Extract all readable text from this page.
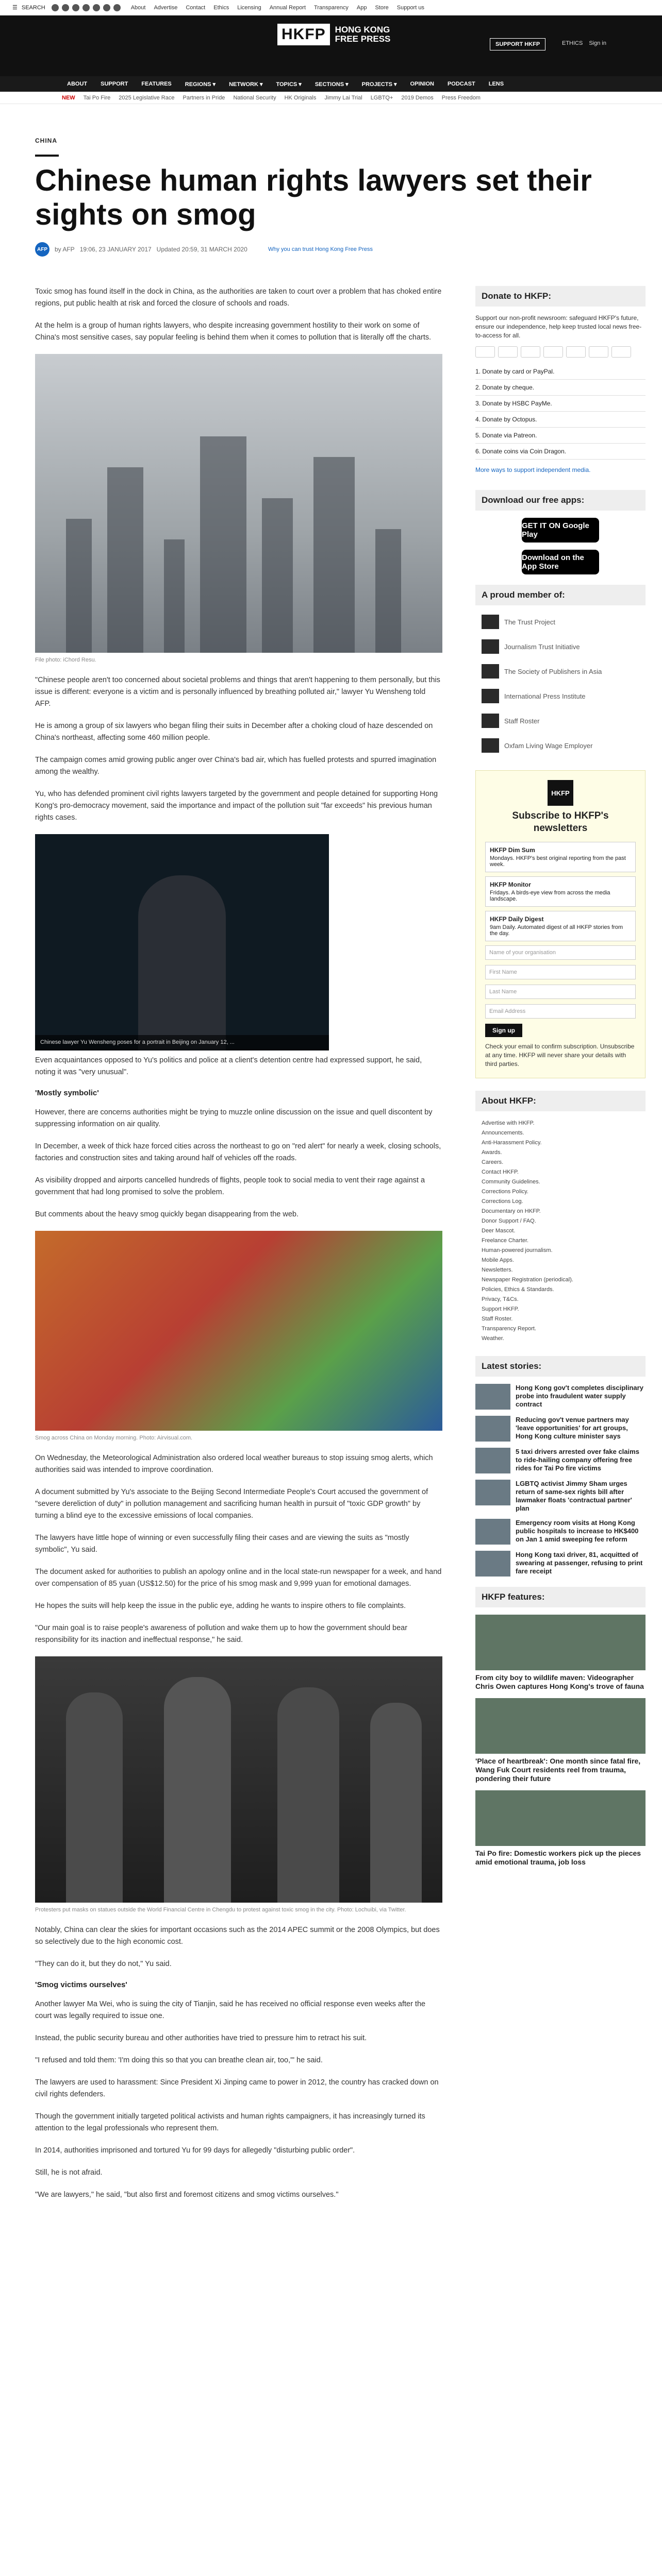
☰ SEARCH	About Advertise Contact Ethics Licensing Annual Report Transparency App Store Support us
HKFP	HONG KONG
FREE PRESS
SUPPORT HKFP	ETHICS Sign in
ABOUT SUPPORT FEATURES REGIONS ▾ NETWORK ▾ TOPICS ▾ SECTIONS ▾ PROJECTS ▾ OPINION PODCAST LENS
NEW Tai Po Fire 2025 Legislative Race Partners in Pride National Security HK Originals Jimmy Lai Trial LGBTQ+ 2019 Demos Press Freedom
CHINA
Chinese human rights lawyers set their sights on smog
AFP	by AFP 19:06, 23 JANUARY 2017 Updated 20:59, 31 MARCH 2020	Why you can trust Hong Kong Free Press

Toxic smog has found itself in the dock in China, as the authorities are taken to court over a problem that has choked entire regions, put public health at risk and forced the closure of schools and roads.

At the helm is a group of human rights lawyers, who despite increasing government hostility to their work on some of China's most sensitive cases, say popular feeling is behind them when it comes to pollution that is literally off the charts.

File photo: iChord Resu.

"Chinese people aren't too concerned about societal problems and things that aren't happening to them personally, but this issue is different: everyone is a victim and is personally influenced by breathing polluted air," lawyer Yu Wensheng told AFP.

He is among a group of six lawyers who began filing their suits in December after a choking cloud of haze descended on China's northeast, affecting some 460 million people.

The campaign comes amid growing public anger over China's bad air, which has fuelled protests and spurred imagination among the wealthy.

Yu, who has defended prominent civil rights lawyers targeted by the government and people detained for supporting Hong Kong's pro-democracy movement, said the importance and impact of the pollution suit "far exceeds" his previous human rights cases.

Chinese lawyer Yu Wensheng poses for a portrait in Beijing on January 12, ...

Even acquaintances opposed to Yu's politics and police at a client's detention centre had expressed support, he said, noting it was "very unusual".

'Mostly symbolic'

However, there are concerns authorities might be trying to muzzle online discussion on the issue and quell discontent by suppressing information on air quality.

In December, a week of thick haze forced cities across the northeast to go on "red alert" for nearly a week, closing schools, factories and construction sites and taking around half of vehicles off the roads.

As visibility dropped and airports cancelled hundreds of flights, people took to social media to vent their rage against a government that had long promised to solve the problem.

But comments about the heavy smog quickly began disappearing from the web.

Smog across China on Monday morning. Photo: Airvisual.com.

On Wednesday, the Meteorological Administration also ordered local weather bureaus to stop issuing smog alerts, which authorities said was intended to improve coordination.

A document submitted by Yu's associate to the Beijing Second Intermediate People's Court accused the government of "severe dereliction of duty" in pollution management and sacrificing human health in pursuit of "toxic GDP growth" by turning a blind eye to the excessive emissions of local companies.

The lawyers have little hope of winning or even successfully filing their cases and are viewing the suits as "mostly symbolic", Yu said.

The document asked for authorities to publish an apology online and in the local state-run newspaper for a week, and hand over compensation of 85 yuan (US$12.50) for the price of his smog mask and 9,999 yuan for emotional damages.

He hopes the suits will help keep the issue in the public eye, adding he wants to inspire others to file complaints.

"Our main goal is to raise people's awareness of pollution and wake them up to how the government should bear responsibility for its inaction and ineffectual response," he said.

Protesters put masks on statues outside the World Financial Centre in Chengdu to protest against toxic smog in the city. Photo: Lochuibi, via Twitter.

Notably, China can clear the skies for important occasions such as the 2014 APEC summit or the 2008 Olympics, but does so selectively due to the high economic cost.

"They can do it, but they do not," Yu said.

'Smog victims ourselves'

Another lawyer Ma Wei, who is suing the city of Tianjin, said he has received no official response even weeks after the court was legally required to issue one.

Instead, the public security bureau and other authorities have tried to pressure him to retract his suit.

"I refused and told them: 'I'm doing this so that you can breathe clean air, too,'" he said.

The lawyers are used to harassment: Since President Xi Jinping came to power in 2012, the country has cracked down on civil rights defenders.

Though the government initially targeted political activists and human rights campaigners, it has increasingly turned its attention to the legal professionals who represent them.

In 2014, authorities imprisoned and tortured Yu for 99 days for allegedly "disturbing public order".

Still, he is not afraid.

"We are lawyers," he said, "but also first and foremost citizens and smog victims ourselves."

Donate to HKFP:

Support our non-profit newsroom: safeguard HKFP's future, ensure our independence, help keep trusted local news free-to-access for all.

1. Donate by card or PayPal.
2. Donate by cheque.
3. Donate by HSBC PayMe.
4. Donate by Octopus.
5. Donate via Patreon.
6. Donate coins via Coin Dragon.

More ways to support independent media.

Download our free apps:
GET IT ON Google Play
Download on the App Store
A proud member of:
The Trust Project
Journalism Trust Initiative
The Society of Publishers in Asia
International Press Institute
Staff Roster
Oxfam Living Wage Employer
HKFP
Subscribe to HKFP's newsletters
HKFP Dim Sum
Mondays. HKFP's best original reporting from the past week.
HKFP Monitor
Fridays. A birds-eye view from across the media landscape.
HKFP Daily Digest
9am Daily. Automated digest of all HKFP stories from the day.
Name of your organisation
First Name
Last Name
Email Address
Sign up

Check your email to confirm subscription. Unsubscribe at any time. HKFP will never share your details with third parties.

About HKFP:
Advertise with HKFP.
Announcements.
Anti-Harassment Policy.
Awards.
Careers.
Contact HKFP.
Community Guidelines.
Corrections Policy.
Corrections Log.
Documentary on HKFP.
Donor Support / FAQ.
Deer Mascot.
Freelance Charter.
Human-powered journalism.
Mobile Apps.
Newsletters.
Newspaper Registration (periodical).
Policies, Ethics & Standards.
Privacy, T&Cs.
Support HKFP.
Staff Roster.
Transparency Report.
Weather.
Latest stories:
Hong Kong gov't completes disciplinary probe into fraudulent water supply contract
Reducing gov't venue partners may 'leave opportunities' for art groups, Hong Kong culture minister says
5 taxi drivers arrested over fake claims to ride-hailing company offering free rides for Tai Po fire victims
LGBTQ activist Jimmy Sham urges return of same-sex rights bill after lawmaker floats 'contractual partner' plan
Emergency room visits at Hong Kong public hospitals to increase to HK$400 on Jan 1 amid sweeping fee reform
Hong Kong taxi driver, 81, acquitted of swearing at passenger, refusing to print fare receipt
HKFP features:
From city boy to wildlife maven: Videographer Chris Owen captures Hong Kong's trove of fauna
'Place of heartbreak': One month since fatal fire, Wang Fuk Court residents reel from trauma, pondering their future
Tai Po fire: Domestic workers pick up the pieces amid emotional trauma, job loss
